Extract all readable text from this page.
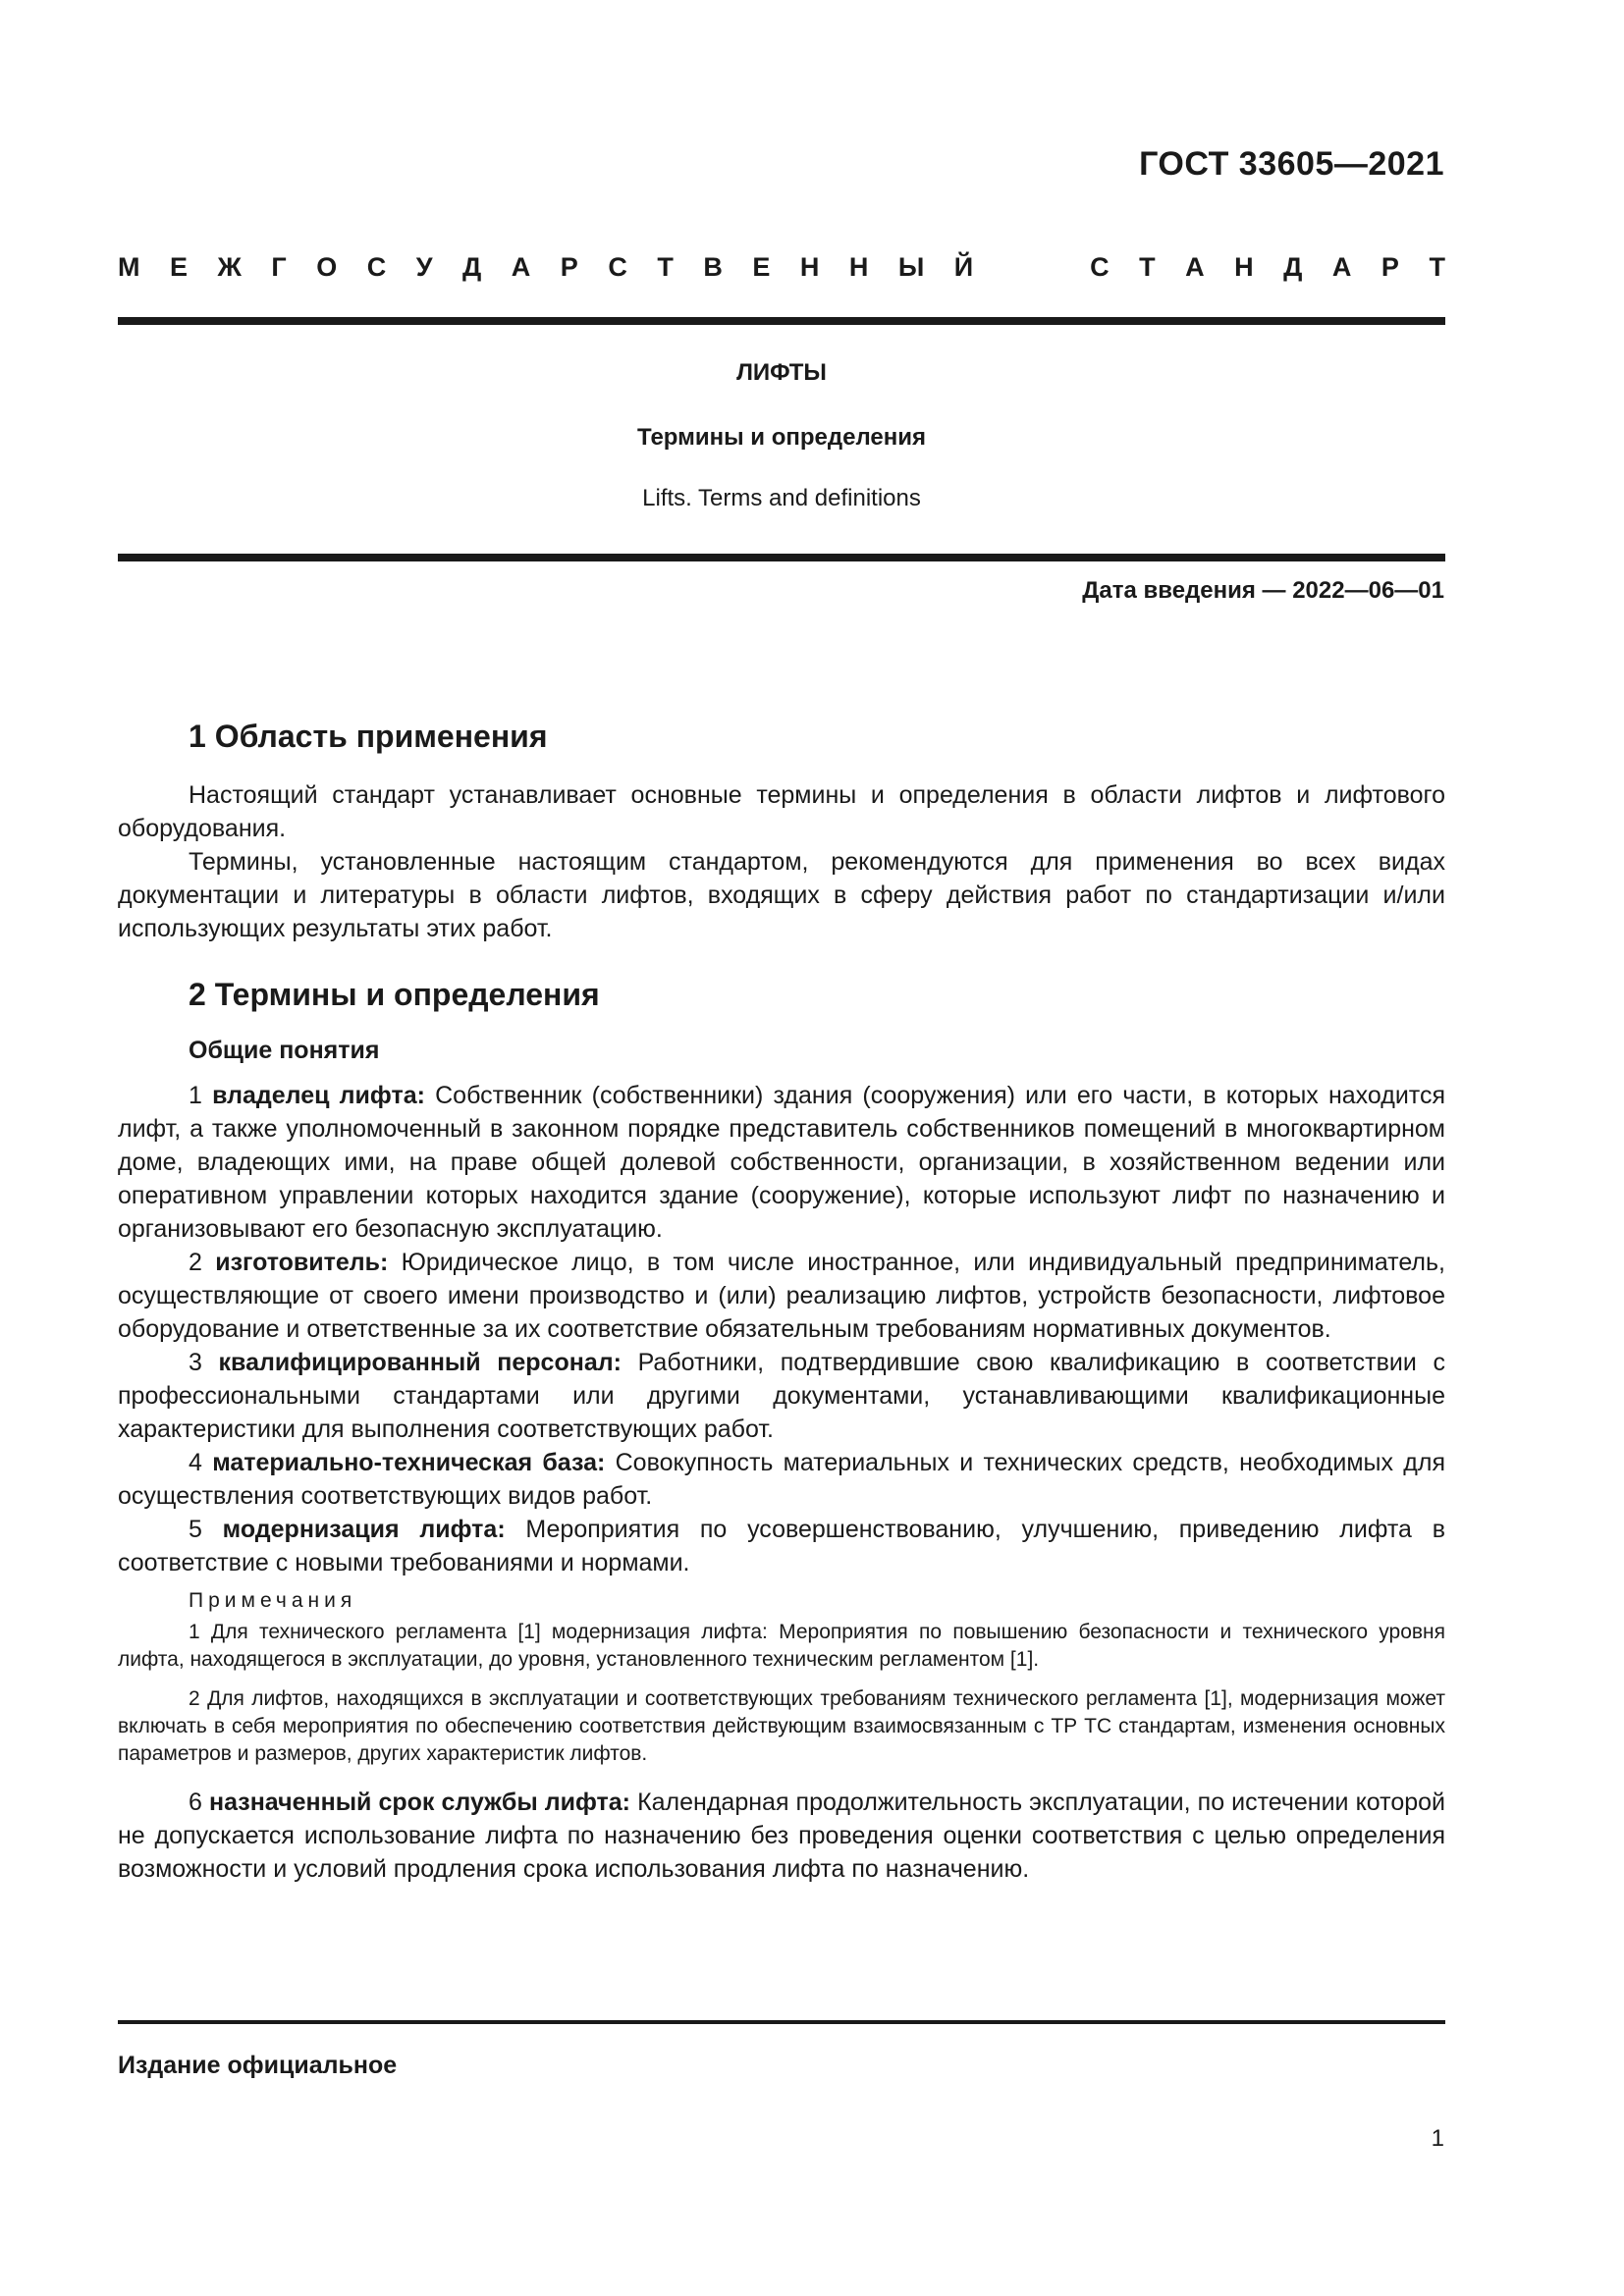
ГОСТ 33605—2021
М Е Ж Г О С У Д А Р С Т В Е Н Н Ы Й	С Т А Н Д А Р Т
ЛИФТЫ
Термины и определения
Lifts. Terms and definitions
Дата введения — 2022—06—01
1 Область применения

Настоящий стандарт устанавливает основные термины и определения в области лифтов и лифтового оборудования.

Термины, установленные настоящим стандартом, рекомендуются для применения во всех видах документации и литературы в области лифтов, входящих в сферу действия работ по стандартизации и/или использующих результаты этих работ.

2 Термины и определения
Общие понятия

1 владелец лифта: Собственник (собственники) здания (сооружения) или его части, в которых находится лифт, а также уполномоченный в законном порядке представитель собственников помещений в многоквартирном доме, владеющих ими, на праве общей долевой собственности, организации, в хозяйственном ведении или оперативном управлении которых находится здание (сооружение), которые используют лифт по назначению и организовывают его безопасную эксплуатацию.

2 изготовитель: Юридическое лицо, в том числе иностранное, или индивидуальный предприниматель, осуществляющие от своего имени производство и (или) реализацию лифтов, устройств безопасности, лифтовое оборудование и ответственные за их соответствие обязательным требованиям нормативных документов.

3 квалифицированный персонал: Работники, подтвердившие свою квалификацию в соответствии с профессиональными стандартами или другими документами, устанавливающими квалификационные характеристики для выполнения соответствующих работ.

4 материально-техническая база: Совокупность материальных и технических средств, необходимых для осуществления соответствующих видов работ.

5 модернизация лифта: Мероприятия по усовершенствованию, улучшению, приведению лифта в соответствие с новыми требованиями и нормами.

Примечания

1 Для технического регламента [1] модернизация лифта: Мероприятия по повышению безопасности и технического уровня лифта, находящегося в эксплуатации, до уровня, установленного техническим регламентом [1].

2 Для лифтов, находящихся в эксплуатации и соответствующих требованиям технического регламента [1], модернизация может включать в себя мероприятия по обеспечению соответствия действующим взаимосвязанным с ТР ТС стандартам, изменения основных параметров и размеров, других характеристик лифтов.

6 назначенный срок службы лифта: Календарная продолжительность эксплуатации, по истечении которой не допускается использование лифта по назначению без проведения оценки соответствия с целью определения возможности и условий продления срока использования лифта по назначению.

Издание официальное
1
